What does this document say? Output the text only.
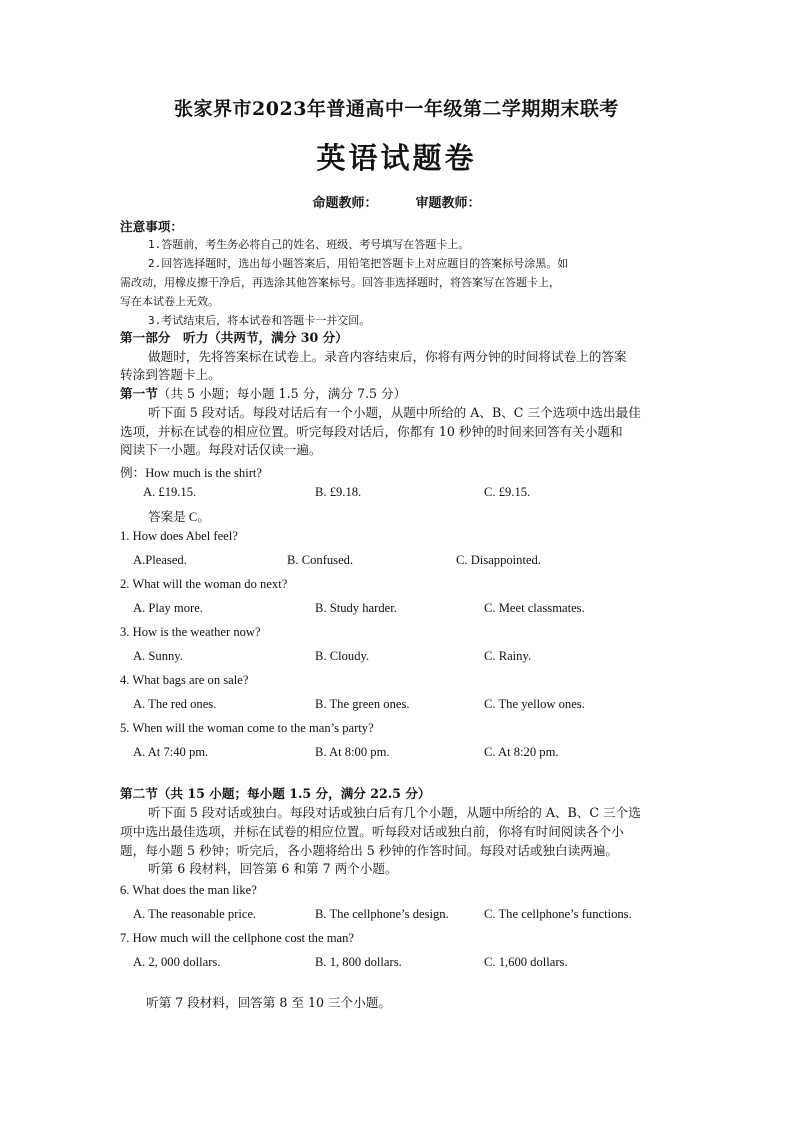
张家界市2023年普通高中一年级第二学期期末联考
英语试题卷
命题教师：	审题教师：
注意事项：
1.答题前，考生务必将自己的姓名、班级、考号填写在答题卡上。
2.回答选择题时，选出每小题答案后，用铅笔把答题卡上对应题目的答案标号涂黑。如
需改动，用橡皮擦干净后，再选涂其他答案标号。回答非选择题时，将答案写在答题卡上，
写在本试卷上无效。
3.考试结束后，将本试卷和答题卡一并交回。
第一部分　听力（共两节，满分 30 分）
做题时，先将答案标在试卷上。录音内容结束后，你将有两分钟的时间将试卷上的答案
转涂到答题卡上。
第一节（共 5 小题；每小题 1.5 分，满分 7.5 分）
听下面 5 段对话。每段对话后有一个小题，从题中所给的 A、B、C 三个选项中选出最佳
选项，并标在试卷的相应位置。听完每段对话后，你都有 10 秒钟的时间来回答有关小题和
阅读下一小题。每段对话仅读一遍。
例：How much is the shirt?
A. £19.15.	B. £9.18.	C. £9.15.
答案是 C。
1. How does Abel feel?
A.Pleased.	B. Confused.	C. Disappointed.
2. What will the woman do next?
A. Play more.	B. Study harder.	C. Meet classmates.
3. How is the weather now?
A. Sunny.	B. Cloudy.	C. Rainy.
4. What bags are on sale?
A. The red ones.	B. The green ones.	C. The yellow ones.
5. When will the woman come to the man’s party?
A. At 7:40 pm.	B. At 8:00 pm.	C. At 8:20 pm.
第二节（共 15 小题；每小题 1.5 分，满分 22.5 分）
听下面 5 段对话或独白。每段对话或独白后有几个小题，从题中所给的 A、B、C 三个选
项中选出最佳选项，并标在试卷的相应位置。听每段对话或独白前，你将有时间阅读各个小
题，每小题 5 秒钟；听完后，各小题将给出 5 秒钟的作答时间。每段对话或独白读两遍。
听第 6 段材料，回答第 6 和第 7 两个小题。
6. What does the man like?
A. The reasonable price.	B. The cellphone’s design.	C. The cellphone’s functions.
7. How much will the cellphone cost the man?
A. 2, 000 dollars.	B. 1, 800 dollars.	C. 1,600 dollars.
听第 7 段材料，回答第 8 至 10 三个小题。
